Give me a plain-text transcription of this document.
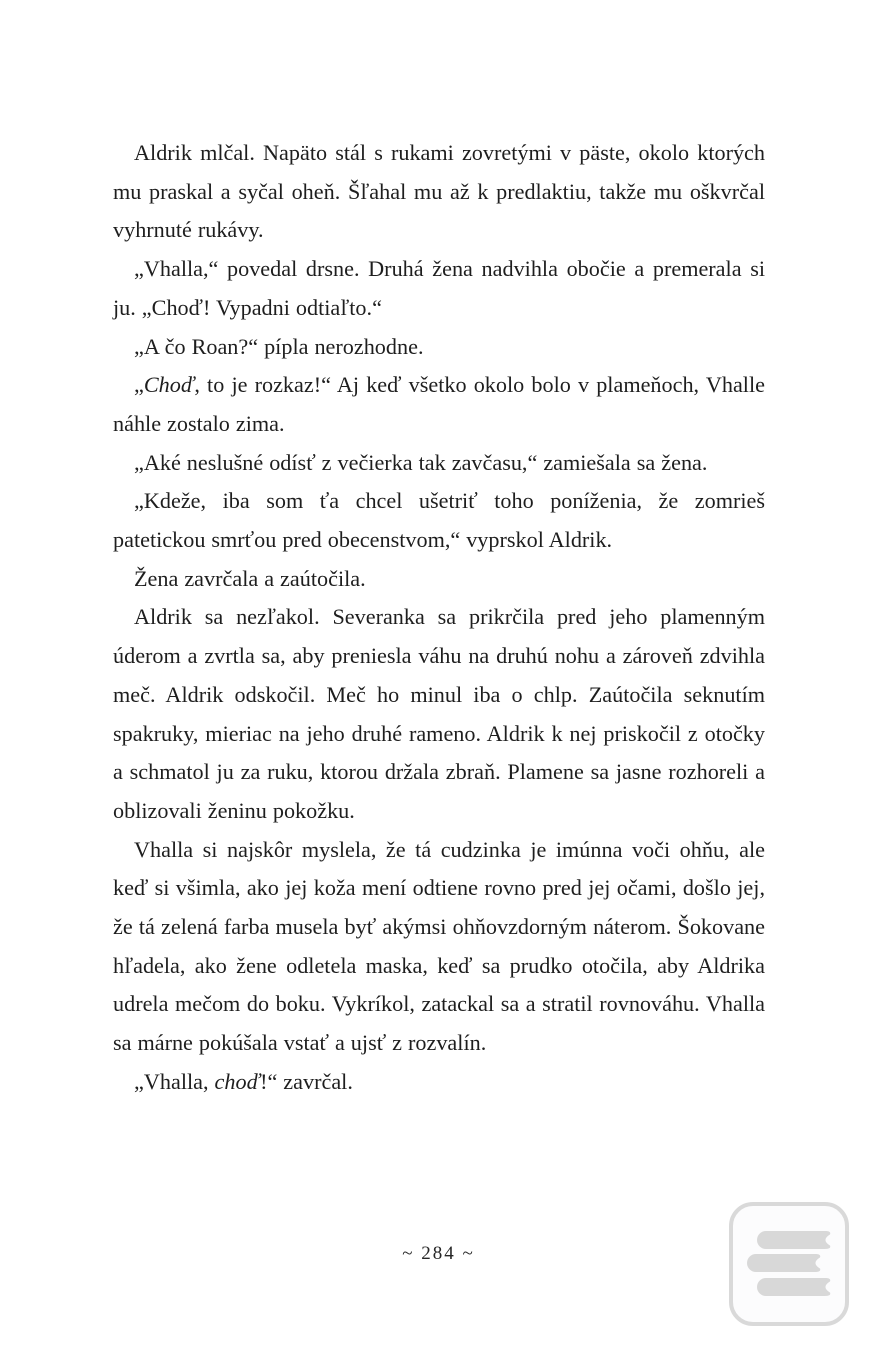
Aldrik mlčal. Napäto stál s rukami zovretými v päste, okolo ktorých mu praskal a syčal oheň. Šľahal mu až k predlaktiu, takže mu oškvrčal vyhrnuté rukávy.

„Vhalla,“ povedal drsne. Druhá žena nadvihla obočie a premerala si ju. „Choď! Vypadni odtiaľto.“

„A čo Roan?“ pípla nerozhodne.

„Choď, to je rozkaz!“ Aj keď všetko okolo bolo v plameňoch, Vhalle náhle zostalo zima.

„Aké neslušné odísť z večierka tak zavčasu,“ zamiešala sa žena.

„Kdeže, iba som ťa chcel ušetriť toho poníženia, že zomrieš patetickou smrťou pred obecenstvom,“ vyprskol Aldrik.

Žena zavrčala a zaútočila.

Aldrik sa nezľakol. Severanka sa prikrčila pred jeho plamenným úderom a zvrtla sa, aby preniesla váhu na druhú nohu a zároveň zdvihla meč. Aldrik odskočil. Meč ho minul iba o chlp. Zaútočila seknutím spakruky, mieriac na jeho druhé rameno. Aldrik k nej priskočil z otočky a schmatol ju za ruku, ktorou držala zbraň. Plamene sa jasne rozhoreli a oblizovali ženinu pokožku.

Vhalla si najskôr myslela, že tá cudzinka je imúnna voči ohňu, ale keď si všimla, ako jej koža mení odtiene rovno pred jej očami, došlo jej, že tá zelená farba musela byť akýmsi ohňovzdorným náterom. Šokovane hľadela, ako žene odletela maska, keď sa prudko otočila, aby Aldrika udrela mečom do boku. Vykríkol, zatackal sa a stratil rovnováhu. Vhalla sa márne pokúšala vstať a ujsť z rozvalín.

„Vhalla, choď!“ zavrčal.

~ 284 ~
